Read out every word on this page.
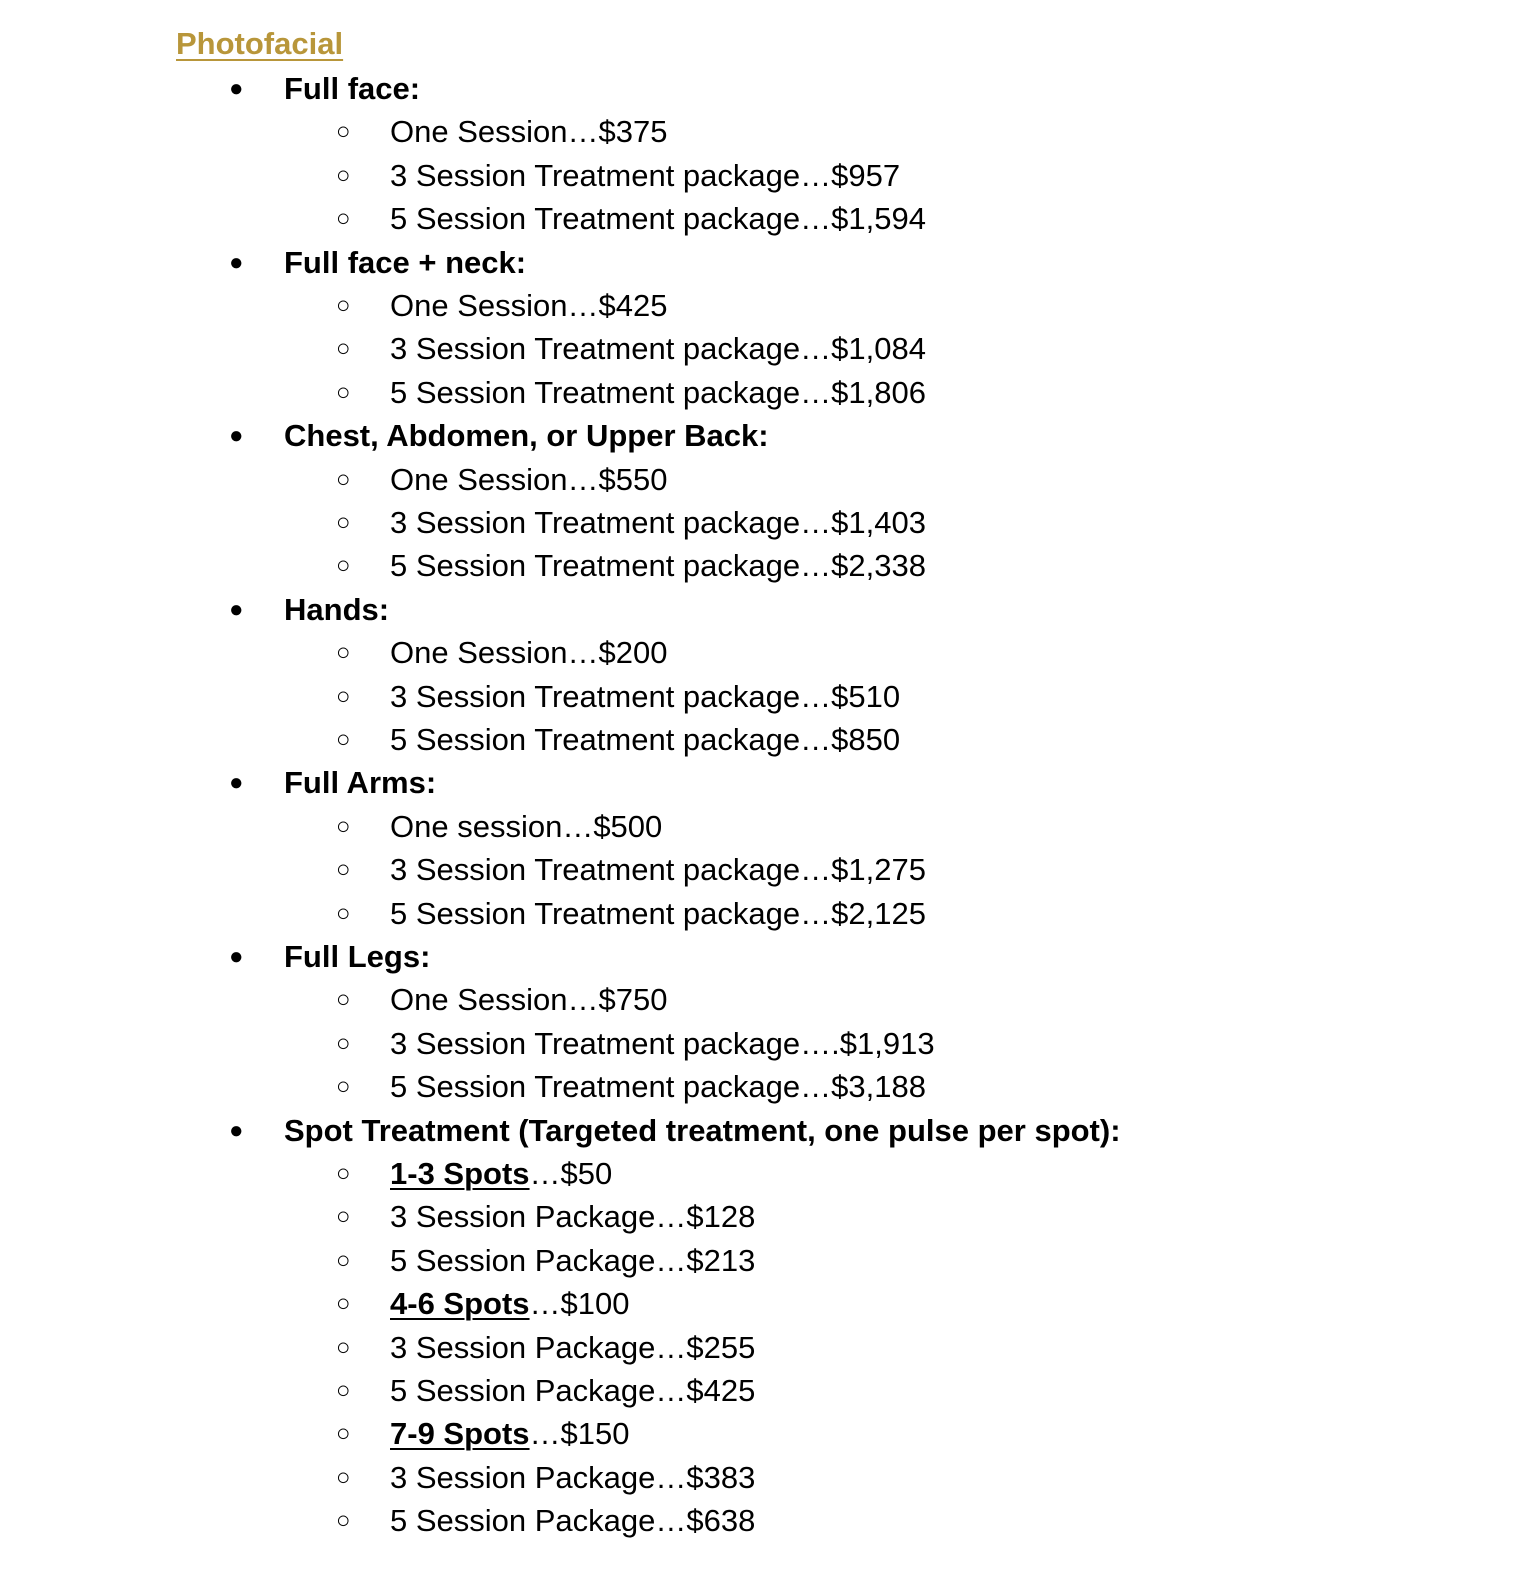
Photofacial
● Full face:
○ One Session…$375
○ 3 Session Treatment package…$957
○ 5 Session Treatment package…$1,594
● Full face + neck:
○ One Session…$425
○ 3 Session Treatment package…$1,084
○ 5 Session Treatment package…$1,806
● Chest, Abdomen, or Upper Back:
○ One Session…$550
○ 3 Session Treatment package…$1,403
○ 5 Session Treatment package…$2,338
● Hands:
○ One Session…$200
○ 3 Session Treatment package…$510
○ 5 Session Treatment package…$850
● Full Arms:
○ One session…$500
○ 3 Session Treatment package…$1,275
○ 5 Session Treatment package…$2,125
● Full Legs:
○ One Session…$750
○ 3 Session Treatment package….$1,913
○ 5 Session Treatment package…$3,188
● Spot Treatment (Targeted treatment, one pulse per spot):
○ 1-3 Spots…$50
○ 3 Session Package…$128
○ 5 Session Package…$213
○ 4-6 Spots…$100
○ 3 Session Package…$255
○ 5 Session Package…$425
○ 7-9 Spots…$150
○ 3 Session Package…$383
○ 5 Session Package…$638
